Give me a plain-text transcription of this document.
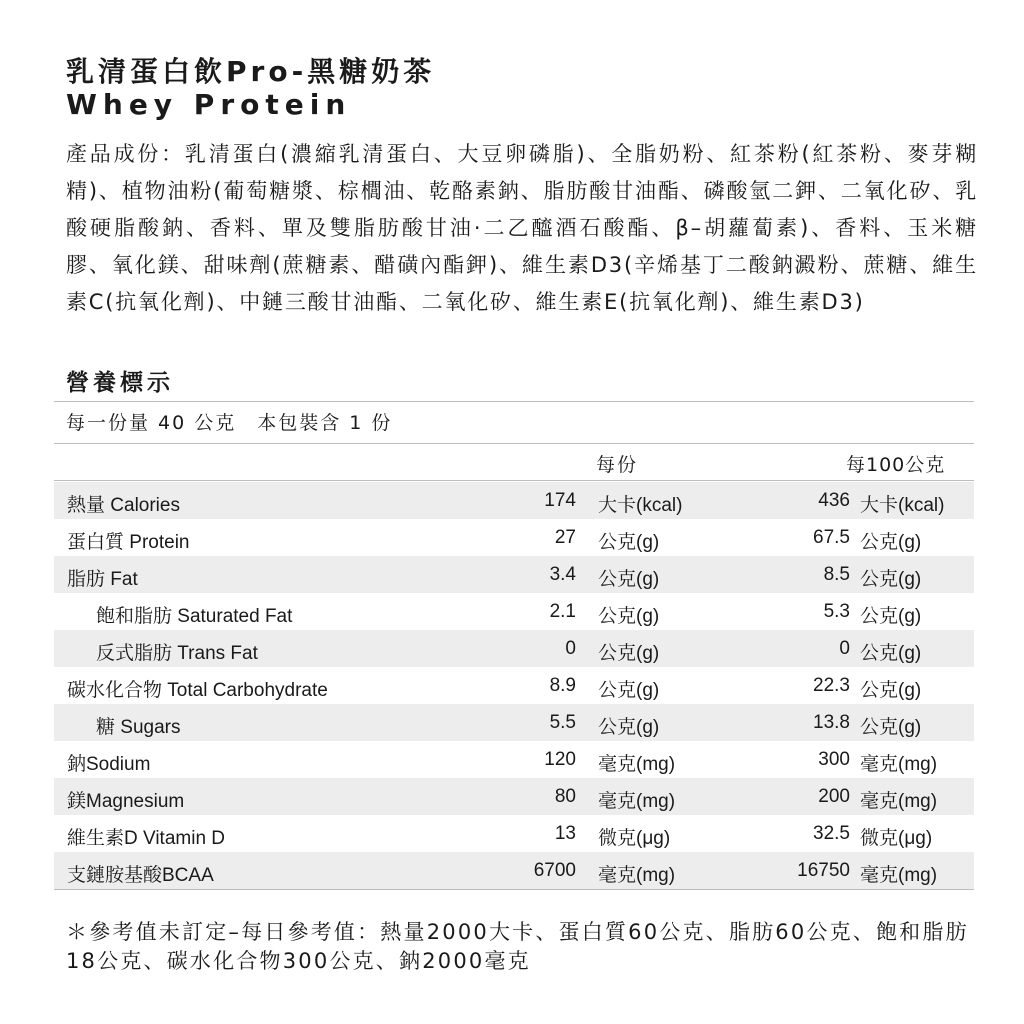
乳清蛋白飲Pro-黑糖奶茶
Whey Protein

產品成份：乳清蛋白(濃縮乳清蛋白、大豆卵磷脂)、全脂奶粉、紅茶粉(紅茶粉、麥芽糊精)、植物油粉(葡萄糖漿、棕櫚油、乾酪素鈉、脂肪酸甘油酯、磷酸氫二鉀、二氧化矽、乳酸硬脂酸鈉、香料、單及雙脂肪酸甘油·二乙醯酒石酸酯、β–胡蘿蔔素)、香料、玉米糖膠、氧化鎂、甜味劑(蔗糖素、醋磺內酯鉀)、維生素D3(辛烯基丁二酸鈉澱粉、蔗糖、維生素C(抗氧化劑)、中鏈三酸甘油酯、二氧化矽、維生素E(抗氧化劑)、維生素D3)

營養標示
每一份量 40 公克　本包裝含 1 份
每份	每100公克
熱量 Calories	174 大卡(kcal)	436 大卡(kcal)
蛋白質 Protein	27 公克(g)	67.5 公克(g)
脂肪 Fat	3.4 公克(g)	8.5 公克(g)
飽和脂肪 Saturated Fat	2.1 公克(g)	5.3 公克(g)
反式脂肪 Trans Fat	0 公克(g)	0 公克(g)
碳水化合物 Total Carbohydrate	8.9 公克(g)	22.3 公克(g)
糖 Sugars	5.5 公克(g)	13.8 公克(g)
鈉Sodium	120 毫克(mg)	300 毫克(mg)
鎂Magnesium	80 毫克(mg)	200 毫克(mg)
維生素D Vitamin D	13 微克(μg)	32.5 微克(μg)
支鏈胺基酸BCAA	6700 毫克(mg)	16750 毫克(mg)

＊參考值未訂定–每日參考值：熱量2000大卡、蛋白質60公克、脂肪60公克、飽和脂肪18公克、碳水化合物300公克、鈉2000毫克
